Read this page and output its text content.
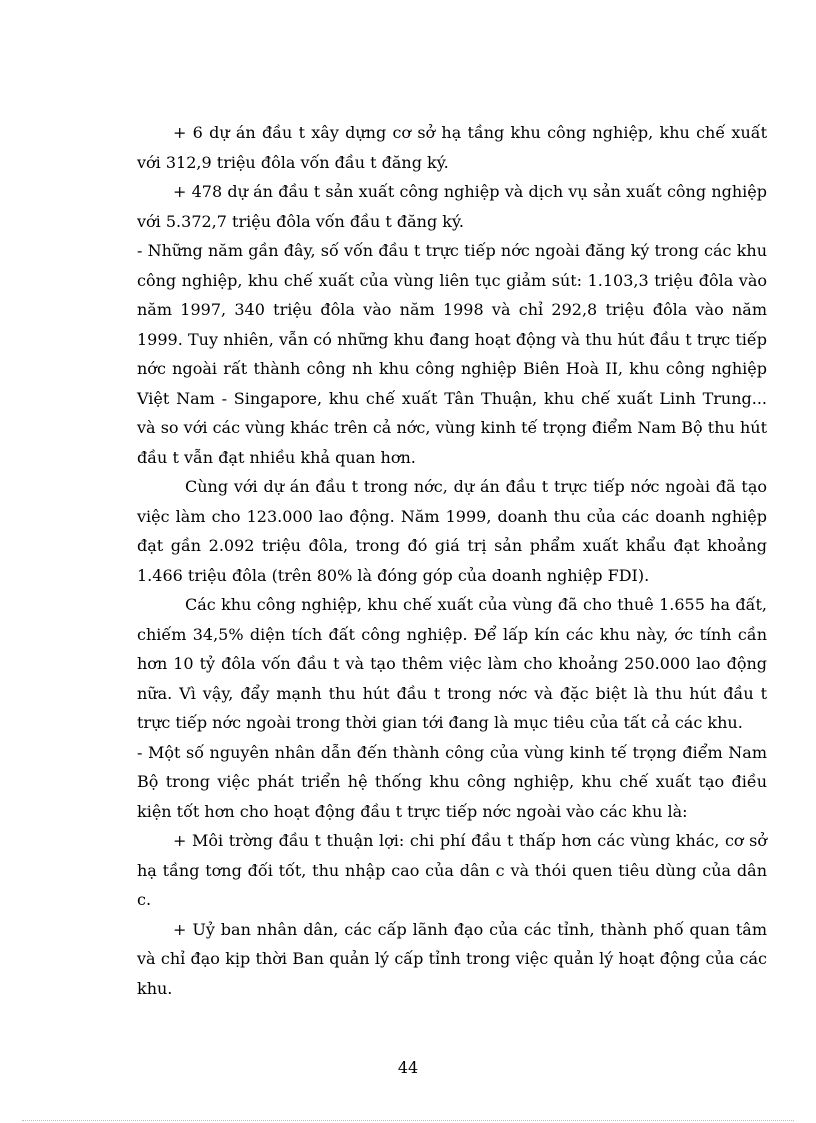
+ 6 dự án đầu t xây dựng cơ sở hạ tầng khu công nghiệp, khu chế xuất với 312,9 triệu đôla vốn đầu t đăng ký.

+ 478 dự án đầu t sản xuất công nghiệp và dịch vụ sản xuất công nghiệp với 5.372,7 triệu đôla vốn đầu t đăng ký.

- Những năm gần đây, số vốn đầu t trực tiếp nớc ngoài đăng ký trong các khu công nghiệp, khu chế xuất của vùng liên tục giảm sút: 1.103,3 triệu đôla vào năm 1997, 340 triệu đôla vào năm 1998 và chỉ 292,8 triệu đôla vào năm 1999. Tuy nhiên, vẫn có những khu đang hoạt động và thu hút đầu t trực tiếp nớc ngoài rất thành công nh khu công nghiệp Biên Hoà II, khu công nghiệp Việt Nam - Singapore, khu chế xuất Tân Thuận, khu chế xuất Linh Trung... và so với các vùng khác trên cả nớc, vùng kinh tế trọng điểm Nam Bộ thu hút đầu t vẫn đạt nhiều khả quan hơn.

Cùng với dự án đầu t trong nớc, dự án đầu t trực tiếp nớc ngoài đã tạo việc làm cho 123.000 lao động. Năm 1999, doanh thu của các doanh nghiệp đạt gần 2.092 triệu đôla, trong đó giá trị sản phẩm xuất khẩu đạt khoảng 1.466 triệu đôla (trên 80% là đóng góp của doanh nghiệp FDI).

Các khu công nghiệp, khu chế xuất của vùng đã cho thuê 1.655 ha đất, chiếm 34,5% diện tích đất công nghiệp. Để lấp kín các khu này, ớc tính cần hơn 10 tỷ đôla vốn đầu t và tạo thêm việc làm cho khoảng 250.000 lao động nữa. Vì vậy, đẩy mạnh thu hút đầu t trong nớc và đặc biệt là thu hút đầu t trực tiếp nớc ngoài trong thời gian tới đang là mục tiêu của tất cả các khu.

- Một số nguyên nhân dẫn đến thành công của vùng kinh tế trọng điểm Nam Bộ trong việc phát triển hệ thống khu công nghiệp, khu chế xuất tạo điều kiện tốt hơn cho hoạt động đầu t trực tiếp nớc ngoài vào các khu là:

+ Môi trờng đầu t thuận lợi: chi phí đầu t thấp hơn các vùng khác, cơ sở hạ tầng tơng đối tốt, thu nhập cao của dân c và thói quen tiêu dùng của dân c.

+ Uỷ ban nhân dân, các cấp lãnh đạo của các tỉnh, thành phố quan tâm và chỉ đạo kịp thời Ban quản lý cấp tỉnh trong việc quản lý hoạt động của các khu.

44
